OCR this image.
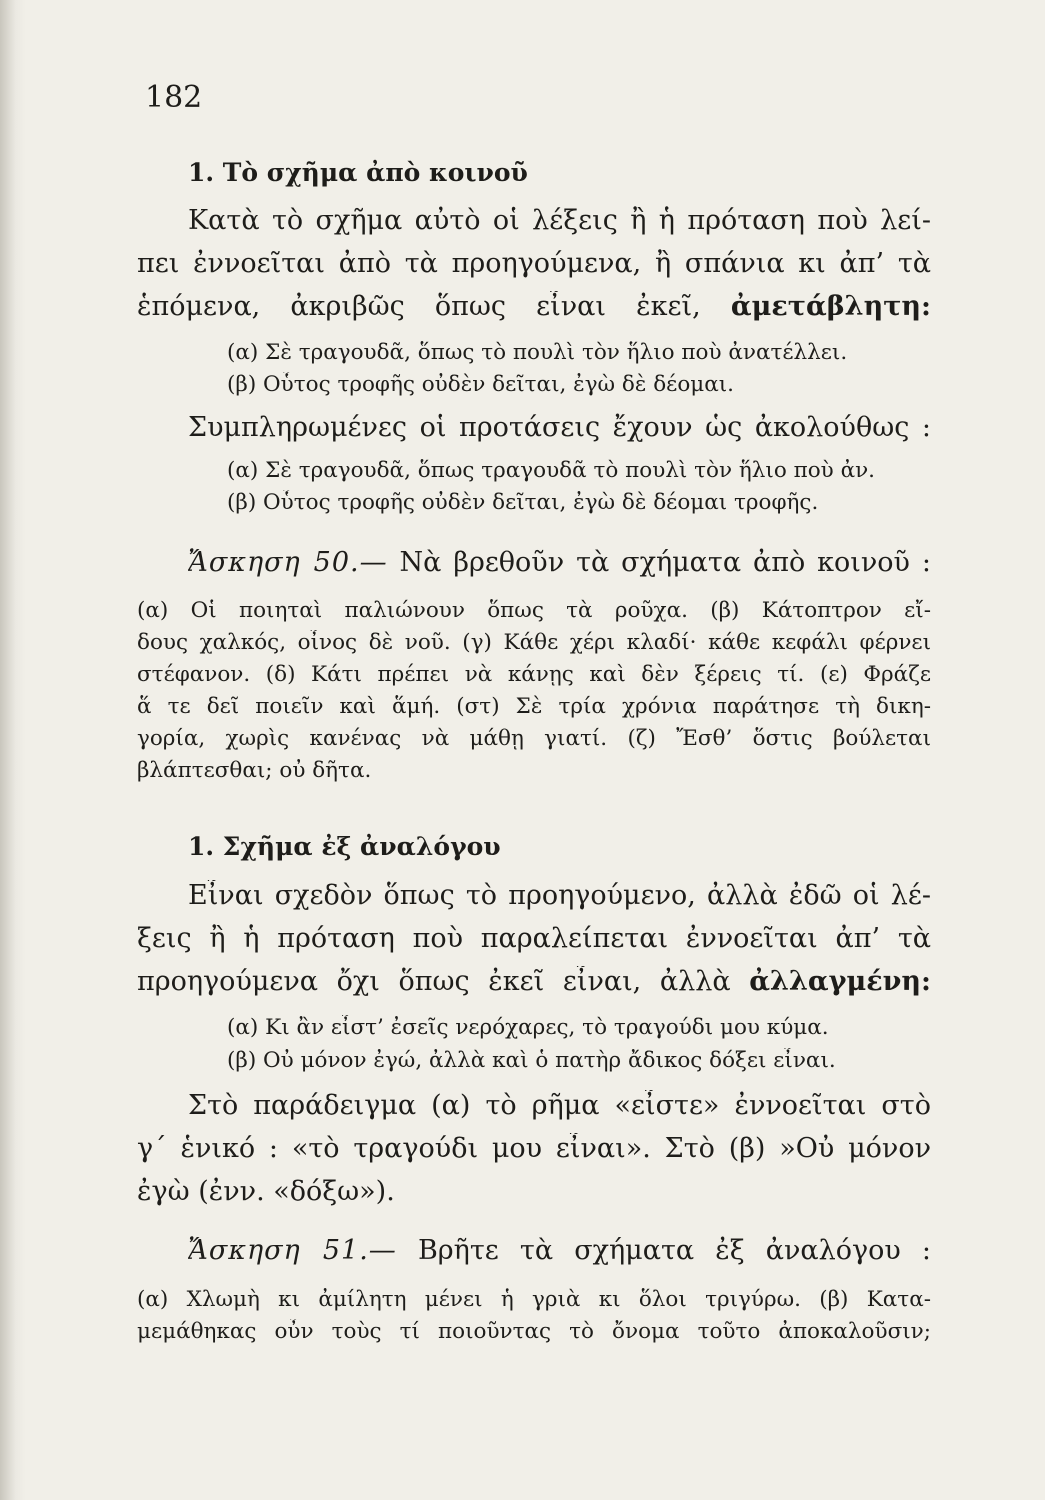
182
1. Τὸ σχῆμα ἀπὸ κοινοῦ
Κατὰ τὸ σχῆμα αὐτὸ οἱ λέξεις ἢ ἡ πρόταση ποὺ λεί-
πει ἐννοεῖται ἀπὸ τὰ προηγούμενα, ἢ σπάνια κι ἀπ’ τὰ
ἑπόμενα, ἀκριβῶς ὅπως εἶναι ἐκεῖ, ἀμετάβλητη:
(α) Σὲ τραγουδᾶ, ὅπως τὸ πουλὶ τὸν ἥλιο ποὺ ἀνατέλλει.
(β) Οὗτος τροφῆς οὐδὲν δεῖται, ἐγὼ δὲ δέομαι.
Συμπληρωμένες οἱ προτάσεις ἔχουν ὡς ἀκολούθως :
(α) Σὲ τραγουδᾶ, ὅπως τραγουδᾶ τὸ πουλὶ τὸν ἥλιο ποὺ ἀν.
(β) Οὗτος τροφῆς οὐδὲν δεῖται, ἐγὼ δὲ δέομαι τροφῆς.
Ἄσκηση 50.— Νὰ βρεθοῦν τὰ σχήματα ἀπὸ κοινοῦ :
(α) Οἱ ποιηταὶ παλιώνουν ὅπως τὰ ροῦχα. (β) Κάτοπτρον εἴ-
δους χαλκός, οἶνος δὲ νοῦ. (γ) Κάθε χέρι κλαδί· κάθε κεφάλι φέρνει
στέφανον. (δ) Κάτι πρέπει νὰ κάνῃς καὶ δὲν ξέρεις τί. (ε) Φράζε
ἅ τε δεῖ ποιεῖν καὶ ἅμή. (στ) Σὲ τρία χρόνια παράτησε τὴ δικη-
γορία, χωρὶς κανένας νὰ μάθῃ γιατί. (ζ) Ἔσθ’ ὅστις βούλεται
βλάπτεσθαι; οὐ δῆτα.
1. Σχῆμα ἐξ ἀναλόγου
Εἶναι σχεδὸν ὅπως τὸ προηγούμενο, ἀλλὰ ἐδῶ οἱ λέ-
ξεις ἢ ἡ πρόταση ποὺ παραλείπεται ἐννοεῖται ἀπ’ τὰ
προηγούμενα ὄχι ὅπως ἐκεῖ εἶναι, ἀλλὰ ἀλλαγμένη:
(α) Κι ἂν εἶστ’ ἐσεῖς νερόχαρες, τὸ τραγούδι μου κύμα.
(β) Οὐ μόνον ἐγώ, ἀλλὰ καὶ ὁ πατὴρ ἄδικος δόξει εἶναι.
Στὸ παράδειγμα (α) τὸ ρῆμα «εἶστε» ἐννοεῖται στὸ
γ΄ ἑνικό : «τὸ τραγούδι μου εἶναι». Στὸ (β) »Οὐ μόνον
ἐγὼ (ἐνν. «δόξω»).
Ἄσκηση 51.— Βρῆτε τὰ σχήματα ἐξ ἀναλόγου :
(α) Χλωμὴ κι ἀμίλητη μένει ἡ γριὰ κι ὅλοι τριγύρω. (β) Κατα-
μεμάθηκας οὖν τοὺς τί ποιοῦντας τὸ ὄνομα τοῦτο ἀποκαλοῦσιν;
